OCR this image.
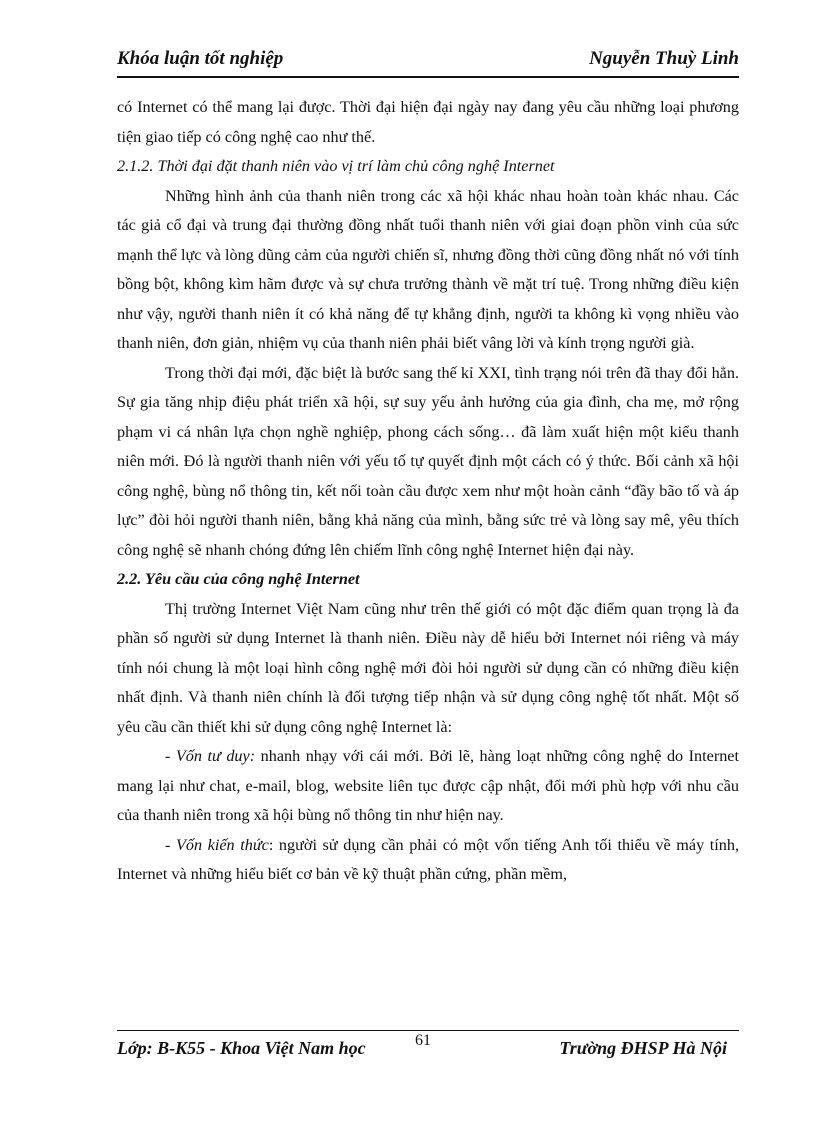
Khóa luận tốt nghiệp	Nguyễn Thuỳ Linh

có Internet có thể mang lại được. Thời đại hiện đại ngày nay đang yêu cầu những loại phương tiện giao tiếp có công nghệ cao như thế.

2.1.2. Thời đại đặt thanh niên vào vị trí làm chủ công nghệ Internet

Những hình ảnh của thanh niên trong các xã hội khác nhau hoàn toàn khác nhau. Các tác giả cổ đại và trung đại thường đồng nhất tuổi thanh niên với giai đoạn phồn vinh của sức mạnh thể lực và lòng dũng cảm của người chiến sĩ, nhưng đồng thời cũng đồng nhất nó với tính bồng bột, không kìm hãm được và sự chưa trưởng thành về mặt trí tuệ. Trong những điều kiện như vậy, người thanh niên ít có khả năng để tự khẳng định, người ta không kì vọng nhiều vào thanh niên, đơn giản, nhiệm vụ của thanh niên phải biết vâng lời và kính trọng người già.

Trong thời đại mới, đặc biệt là bước sang thế kỉ XXI, tình trạng nói trên đã thay đổi hẳn. Sự gia tăng nhịp điệu phát triển xã hội, sự suy yếu ảnh hưởng của gia đình, cha mẹ, mở rộng phạm vi cá nhân lựa chọn nghề nghiệp, phong cách sống… đã làm xuất hiện một kiểu thanh niên mới. Đó là người thanh niên với yếu tố tự quyết định một cách có ý thức. Bối cảnh xã hội công nghệ, bùng nổ thông tin, kết nối toàn cầu được xem như một hoàn cảnh “đầy bão tố và áp lực” đòi hỏi người thanh niên, bằng khả năng của mình, bằng sức trẻ và lòng say mê, yêu thích công nghệ sẽ nhanh chóng đứng lên chiếm lĩnh công nghệ Internet hiện đại này.

2.2. Yêu cầu của công nghệ Internet

Thị trường Internet Việt Nam cũng như trên thế giới có một đặc điểm quan trọng là đa phần số người sử dụng Internet là thanh niên. Điều này dễ hiểu bởi Internet nói riêng và máy tính nói chung là một loại hình công nghệ mới đòi hỏi người sử dụng cần có những điều kiện nhất định. Và thanh niên chính là đối tượng tiếp nhận và sử dụng công nghệ tốt nhất. Một số yêu cầu cần thiết khi sử dụng công nghệ Internet là:

- Vốn tư duy: nhanh nhạy với cái mới. Bởi lẽ, hàng loạt những công nghệ do Internet mang lại như chat, e-mail, blog, website liên tục được cập nhật, đổi mới phù hợp với nhu cầu của thanh niên trong xã hội bùng nổ thông tin như hiện nay.

- Vốn kiến thức: người sử dụng cần phải có một vốn tiếng Anh tối thiểu về máy tính, Internet và những hiểu biết cơ bản về kỹ thuật phần cứng, phần mềm,

Lớp: B-K55 - Khoa Việt Nam học	61	Trường ĐHSP Hà Nội
